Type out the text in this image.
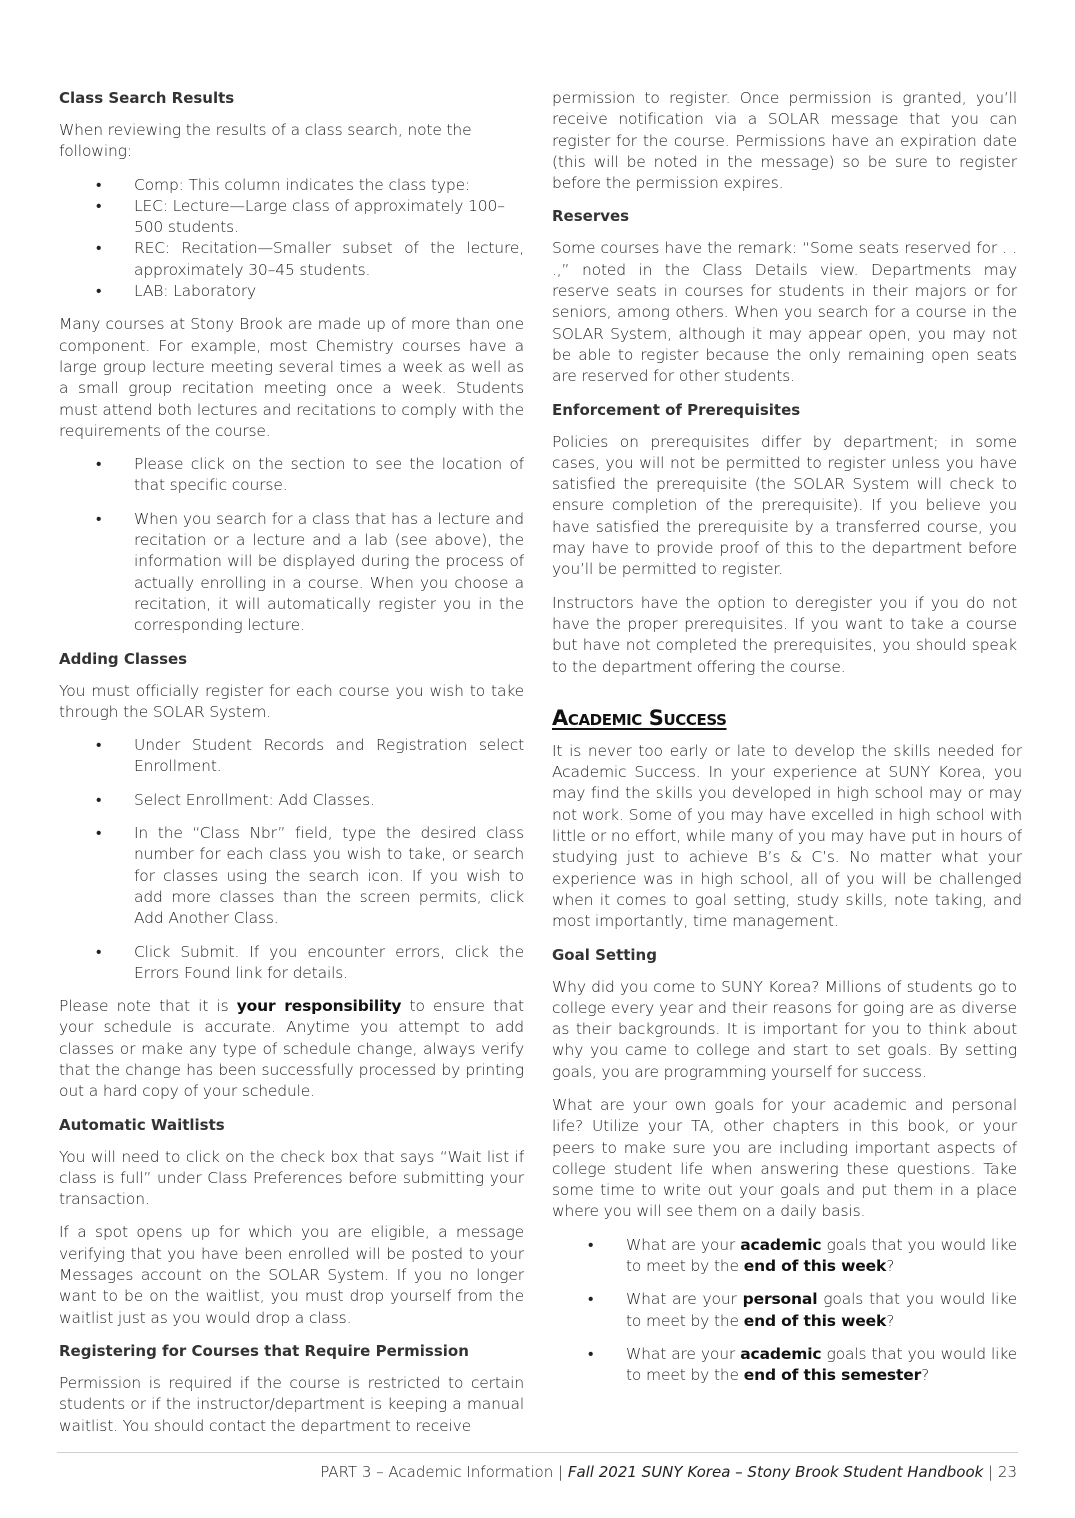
Class Search Results

When reviewing the results of a class search, note the following:

• Comp: This column indicates the class type:
• LEC: Lecture—Large class of approximately 100–500 students.
• REC: Recitation—Smaller subset of the lecture, approximately 30–45 students.
• LAB: Laboratory

Many courses at Stony Brook are made up of more than one component. For example, most Chemistry courses have a large group lecture meeting several times a week as well as a small group recitation meeting once a week. Students must attend both lectures and recitations to comply with the requirements of the course.

• Please click on the section to see the location of that specific course.
• When you search for a class that has a lecture and recitation or a lecture and a lab (see above), the information will be displayed during the process of actually enrolling in a course. When you choose a recitation, it will automatically register you in the corresponding lecture.
Adding Classes

You must officially register for each course you wish to take through the SOLAR System.

• Under Student Records and Registration select Enrollment.
• Select Enrollment: Add Classes.
• In the “Class Nbr” field, type the desired class number for each class you wish to take, or search for classes using the search icon. If you wish to add more classes than the screen permits, click Add Another Class.
• Click Submit. If you encounter errors, click the Errors Found link for details.

Please note that it is your responsibility to ensure that your schedule is accurate. Anytime you attempt to add classes or make any type of schedule change, always verify that the change has been successfully processed by printing out a hard copy of your schedule.

Automatic Waitlists

You will need to click on the check box that says “Wait list if class is full” under Class Preferences before submitting your transaction.

If a spot opens up for which you are eligible, a message verifying that you have been enrolled will be posted to your Messages account on the SOLAR System. If you no longer want to be on the waitlist, you must drop yourself from the waitlist just as you would drop a class.

Registering for Courses that Require Permission

Permission is required if the course is restricted to certain students or if the instructor/department is keeping a manual waitlist. You should contact the department to receive

permission to register. Once permission is granted, you’ll receive notification via a SOLAR message that you can register for the course. Permissions have an expiration date (this will be noted in the message) so be sure to register before the permission expires.

Reserves

Some courses have the remark: “Some seats reserved for . . .,” noted in the Class Details view. Departments may reserve seats in courses for students in their majors or for seniors, among others. When you search for a course in the SOLAR System, although it may appear open, you may not be able to register because the only remaining open seats are reserved for other students.

Enforcement of Prerequisites

Policies on prerequisites differ by department; in some cases, you will not be permitted to register unless you have satisfied the prerequisite (the SOLAR System will check to ensure completion of the prerequisite). If you believe you have satisfied the prerequisite by a transferred course, you may have to provide proof of this to the department before you’ll be permitted to register.

Instructors have the option to deregister you if you do not have the proper prerequisites. If you want to take a course but have not completed the prerequisites, you should speak to the department offering the course.

Academic Success

It is never too early or late to develop the skills needed for Academic Success. In your experience at SUNY Korea, you may find the skills you developed in high school may or may not work. Some of you may have excelled in high school with little or no effort, while many of you may have put in hours of studying just to achieve B’s & C’s. No matter what your experience was in high school, all of you will be challenged when it comes to goal setting, study skills, note taking, and most importantly, time management.

Goal Setting

Why did you come to SUNY Korea? Millions of students go to college every year and their reasons for going are as diverse as their backgrounds. It is important for you to think about why you came to college and start to set goals. By setting goals, you are programming yourself for success.

What are your own goals for your academic and personal life? Utilize your TA, other chapters in this book, or your peers to make sure you are including important aspects of college student life when answering these questions. Take some time to write out your goals and put them in a place where you will see them on a daily basis.

• What are your academic goals that you would like to meet by the end of this week?
• What are your personal goals that you would like to meet by the end of this week?
• What are your academic goals that you would like to meet by the end of this semester?
PART 3 – Academic Information | Fall 2021 SUNY Korea – Stony Brook Student Handbook | 23
